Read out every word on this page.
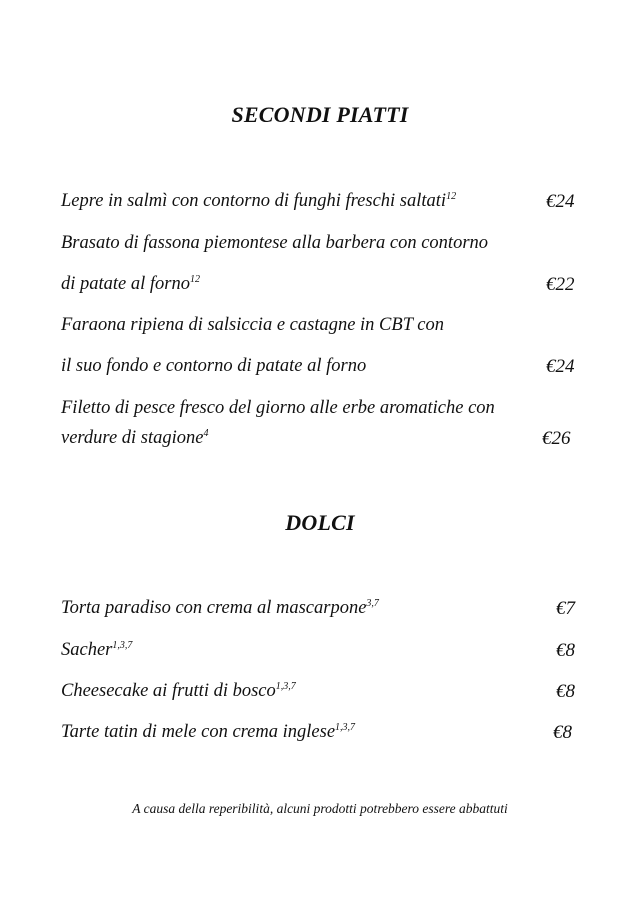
SECONDI PIATTI
Lepre in salmì con contorno di funghi freschi saltati$^{12}$	€24
Brasato di fassona piemontese alla barbera con contorno
di patate al forno$^{12}$	€22
Faraona ripiena di salsiccia e castagne in CBT con
il suo fondo e contorno di patate al forno	€24
Filetto di pesce fresco del giorno alle erbe aromatiche con
verdure di stagione$^4$	€26
DOLCI
Torta paradiso con crema al mascarpone$^{3,7}$	€7
Sacher$^{1,3,7}$	€8
Cheesecake ai frutti di bosco$^{1,3,7}$	€8
Tarte tatin di mele con crema inglese$^{1,3,7}$	€8
A causa della reperibilità, alcuni prodotti potrebbero essere abbattuti
